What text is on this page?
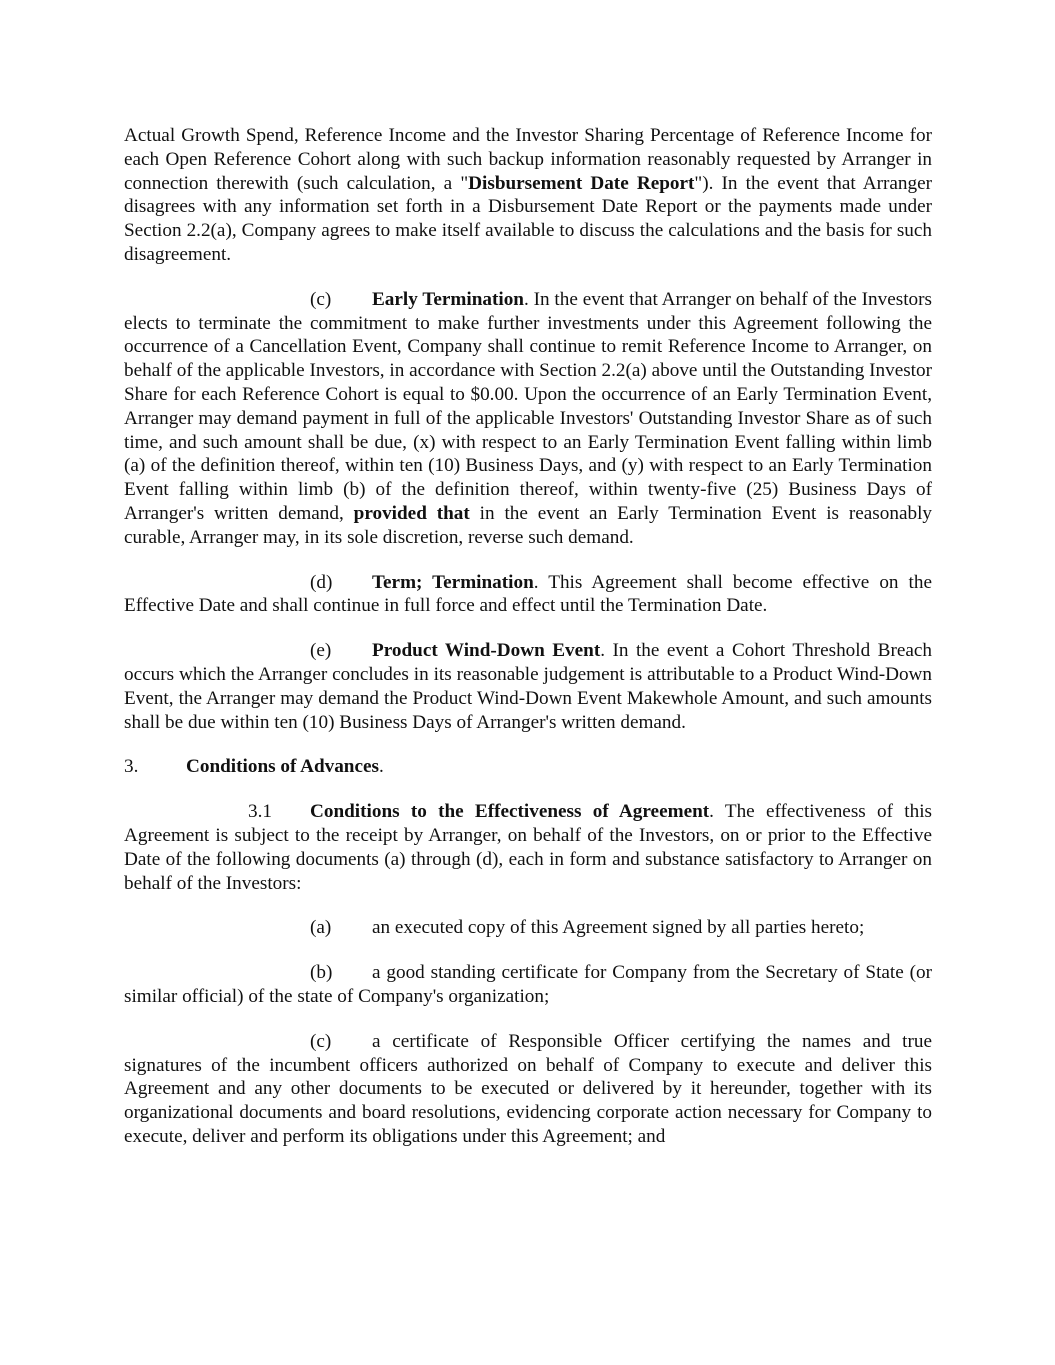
Actual Growth Spend, Reference Income and the Investor Sharing Percentage of Reference Income for each Open Reference Cohort along with such backup information reasonably requested by Arranger in connection therewith (such calculation, a "Disbursement Date Report"). In the event that Arranger disagrees with any information set forth in a Disbursement Date Report or the payments made under Section 2.2(a), Company agrees to make itself available to discuss the calculations and the basis for such disagreement.

(c) Early Termination. In the event that Arranger on behalf of the Investors elects to terminate the commitment to make further investments under this Agreement following the occurrence of a Cancellation Event, Company shall continue to remit Reference Income to Arranger, on behalf of the applicable Investors, in accordance with Section 2.2(a) above until the Outstanding Investor Share for each Reference Cohort is equal to $0.00. Upon the occurrence of an Early Termination Event, Arranger may demand payment in full of the applicable Investors' Outstanding Investor Share as of such time, and such amount shall be due, (x) with respect to an Early Termination Event falling within limb (a) of the definition thereof, within ten (10) Business Days, and (y) with respect to an Early Termination Event falling within limb (b) of the definition thereof, within twenty-five (25) Business Days of Arranger's written demand, provided that in the event an Early Termination Event is reasonably curable, Arranger may, in its sole discretion, reverse such demand.

(d) Term; Termination. This Agreement shall become effective on the Effective Date and shall continue in full force and effect until the Termination Date.

(e) Product Wind-Down Event. In the event a Cohort Threshold Breach occurs which the Arranger concludes in its reasonable judgement is attributable to a Product Wind-Down Event, the Arranger may demand the Product Wind-Down Event Makewhole Amount, and such amounts shall be due within ten (10) Business Days of Arranger's written demand.

3. Conditions of Advances.

3.1 Conditions to the Effectiveness of Agreement. The effectiveness of this Agreement is subject to the receipt by Arranger, on behalf of the Investors, on or prior to the Effective Date of the following documents (a) through (d), each in form and substance satisfactory to Arranger on behalf of the Investors:

(a) an executed copy of this Agreement signed by all parties hereto;

(b) a good standing certificate for Company from the Secretary of State (or similar official) of the state of Company's organization;

(c) a certificate of Responsible Officer certifying the names and true signatures of the incumbent officers authorized on behalf of Company to execute and deliver this Agreement and any other documents to be executed or delivered by it hereunder, together with its organizational documents and board resolutions, evidencing corporate action necessary for Company to execute, deliver and perform its obligations under this Agreement; and
